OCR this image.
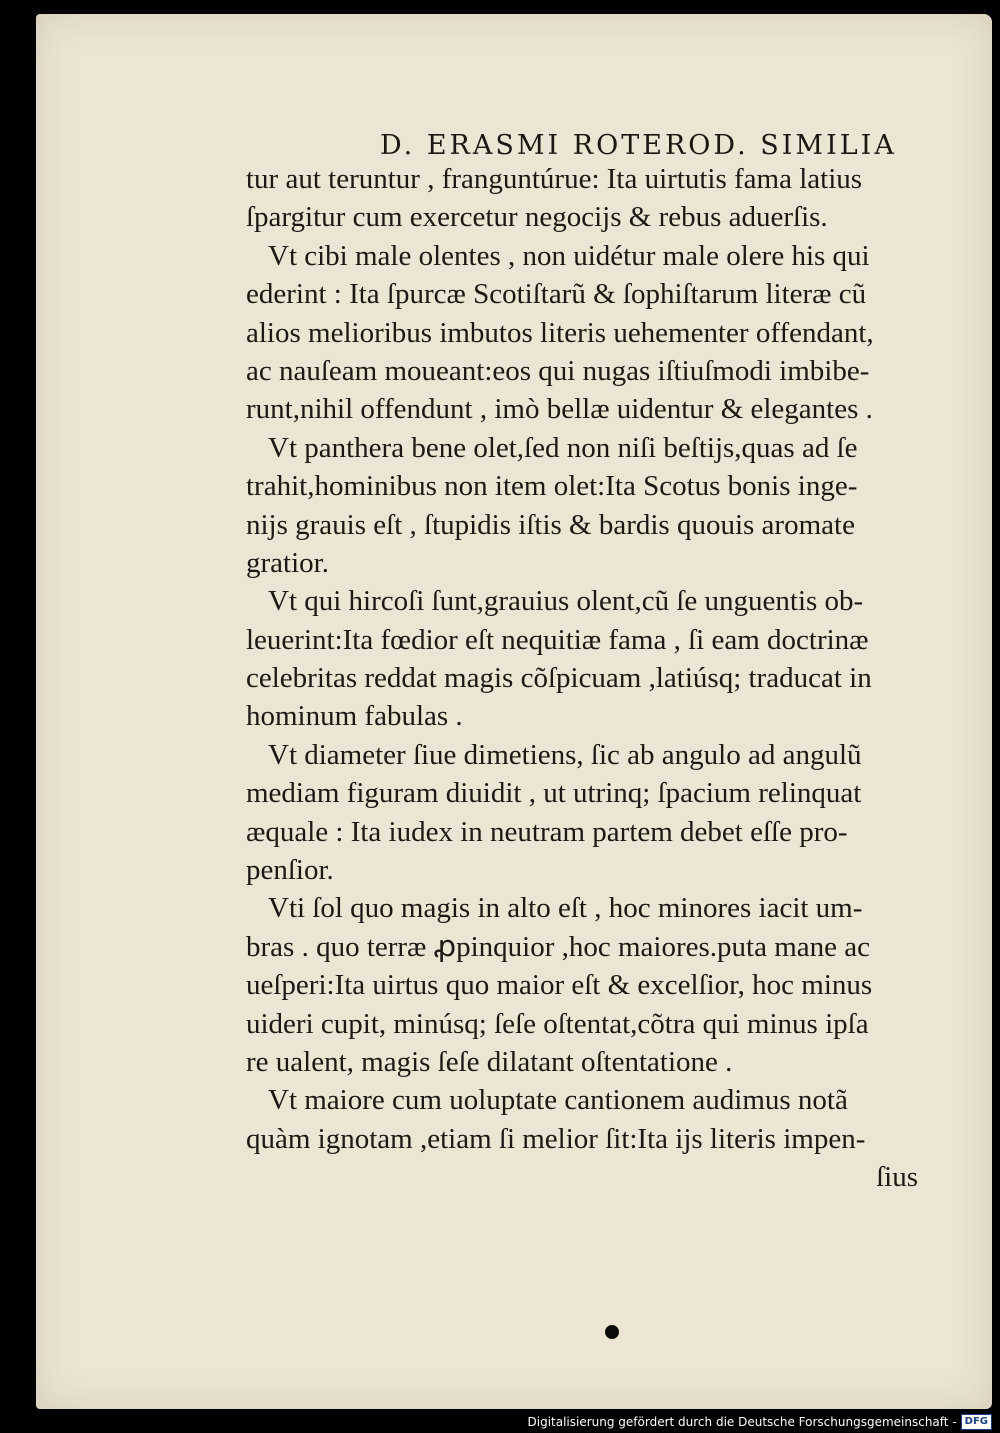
D. ERASMI ROTEROD. SIMILIA
tur aut teruntur , franguntúrue: Ita uirtutis fama latius
ſpargitur cum exercetur negocijs & rebus aduerſis.
Vt cibi male olentes , non uidétur male olere his qui
ederint : Ita ſpurcæ Scotiſtarũ & ſophiſtarum literæ cũ
alios melioribus imbutos literis uehementer offendant,
ac nauſeam moueant:eos qui nugas iſtiuſmodi imbibe-
runt,nihil offendunt , imò bellæ uidentur & elegantes .
Vt panthera bene olet,ſed non niſi beſtijs,quas ad ſe
trahit,hominibus non item olet:Ita Scotus bonis inge-
nijs grauis eſt , ſtupidis iſtis & bardis quouis aromate
gratior.
Vt qui hircoſi ſunt,grauius olent,cũ ſe unguentis ob-
leuerint:Ita fœdior eſt nequitiæ fama , ſi eam doctrinæ
celebritas reddat magis cõſpicuam ,latiúsq; traducat in
hominum fabulas .
Vt diameter ſiue dimetiens, ſic ab angulo ad angulũ
mediam figuram diuidit , ut utrinq; ſpacium relinquat
æquale : Ita iudex in neutram partem debet eſſe pro-
penſior.
Vti ſol quo magis in alto eſt , hoc minores iacit um-
bras . quo terræ ꝓpinquior ,hoc maiores.puta mane ac
ueſperi:Ita uirtus quo maior eſt & excelſior, hoc minus
uideri cupit, minúsq; ſeſe oſtentat,cõtra qui minus ipſa
re ualent, magis ſeſe dilatant oſtentatione .
Vt maiore cum uoluptate cantionem audimus notã
quàm ignotam ,etiam ſi melior ſit:Ita ijs literis impen-
ſius
Digitalisierung gefördert durch die Deutsche Forschungsgemeinschaft - DFG
